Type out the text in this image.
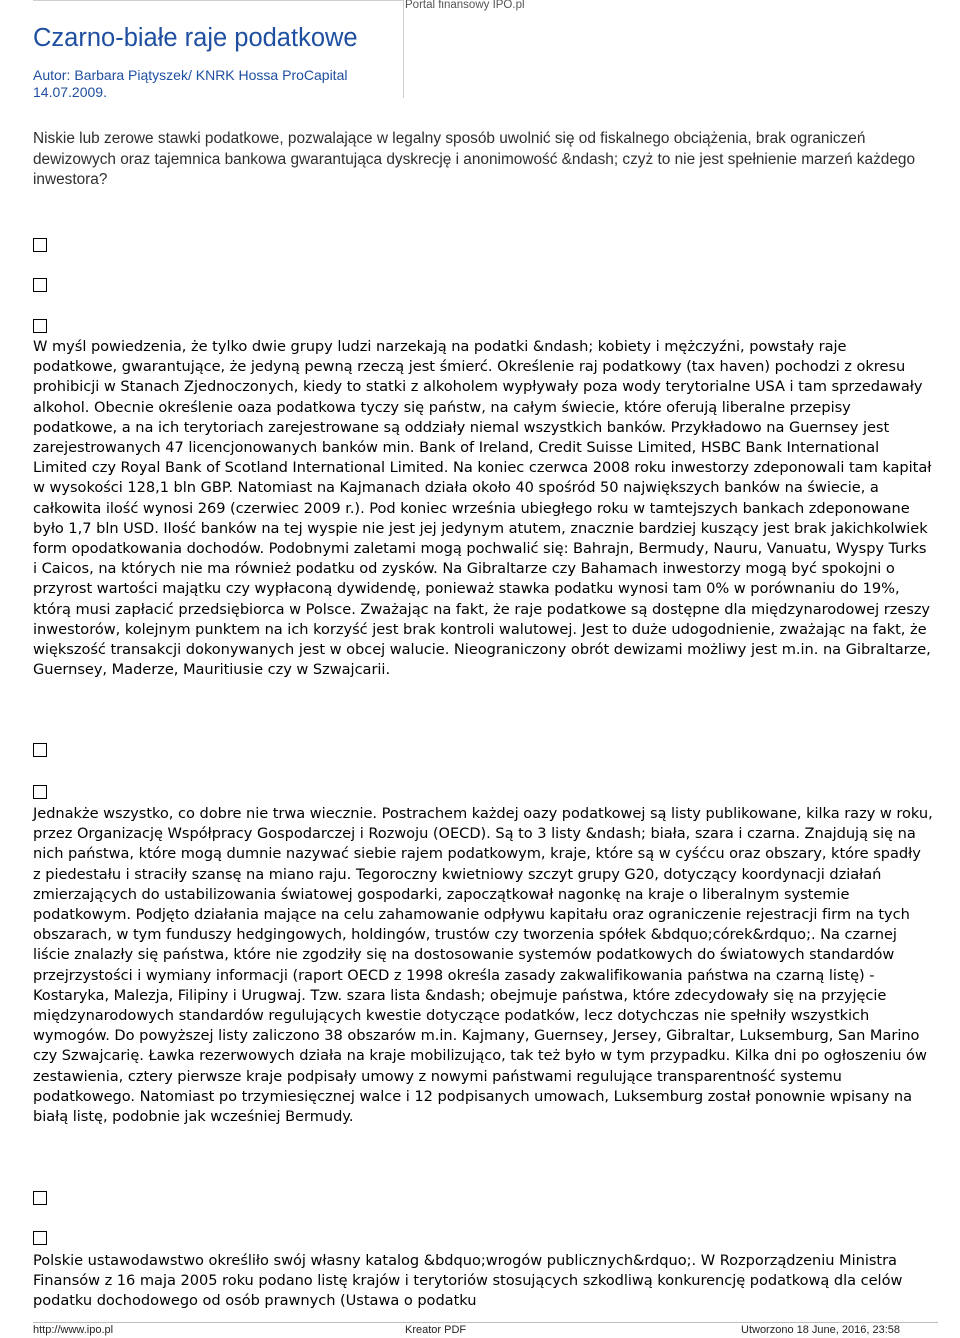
Portal finansowy IPO.pl
Czarno-białe raje podatkowe
Autor: Barbara Piątyszek/ KNRK Hossa ProCapital
14.07.2009.

Niskie lub zerowe stawki podatkowe, pozwalające w legalny sposób uwolnić się od fiskalnego obciążenia, brak ograniczeń dewizowych oraz tajemnica bankowa gwarantująca dyskrecję i anonimowość &ndash; czyż to nie jest spełnienie marzeń każdego inwestora?

W myśl powiedzenia, że tylko dwie grupy ludzi narzekają na podatki &ndash; kobiety i mężczyźni, powstały raje podatkowe, gwarantujące, że jedyną pewną rzeczą jest śmierć. Określenie raj podatkowy (tax haven) pochodzi z okresu prohibicji w Stanach Zjednoczonych, kiedy to statki z alkoholem wypływały poza wody terytorialne USA i tam sprzedawały alkohol. Obecnie określenie oaza podatkowa tyczy się państw, na całym świecie, które oferują liberalne przepisy podatkowe, a na ich terytoriach zarejestrowane są oddziały niemal wszystkich banków. Przykładowo na Guernsey jest zarejestrowanych 47 licencjonowanych banków min. Bank of Ireland, Credit Suisse Limited, HSBC Bank International Limited czy Royal Bank of Scotland International Limited. Na koniec czerwca 2008 roku inwestorzy zdeponowali tam kapitał w wysokości 128,1 bln GBP. Natomiast na Kajmanach działa około 40 spośród 50 największych banków na świecie, a całkowita ilość wynosi 269 (czerwiec 2009 r.). Pod koniec września ubiegłego roku w tamtejszych bankach zdeponowane było 1,7 bln USD. Ilość banków na tej wyspie nie jest jej jedynym atutem, znacznie bardziej kuszący jest brak jakichkolwiek form opodatkowania dochodów. Podobnymi zaletami mogą pochwalić się: Bahrajn, Bermudy, Nauru, Vanuatu, Wyspy Turks i Caicos, na których nie ma również podatku od zysków. Na Gibraltarze czy Bahamach inwestorzy mogą być spokojni o przyrost wartości majątku czy wypłaconą dywidendę, ponieważ stawka podatku wynosi tam 0% w porównaniu do 19%, którą musi zapłacić przedsiębiorca w Polsce. Zważając na fakt, że raje podatkowe są dostępne dla międzynarodowej rzeszy inwestorów, kolejnym punktem na ich korzyść jest brak kontroli walutowej. Jest to duże udogodnienie, zważając na fakt, że większość transakcji dokonywanych jest w obcej walucie. Nieograniczony obrót dewizami możliwy jest m.in. na Gibraltarze, Guernsey, Maderze, Mauritiusie czy w Szwajcarii.

Jednakże wszystko, co dobre nie trwa wiecznie. Postrachem każdej oazy podatkowej są listy publikowane, kilka razy w roku, przez Organizację Współpracy Gospodarczej i Rozwoju (OECD). Są to 3 listy &ndash; biała, szara i czarna. Znajdują się na nich państwa, które mogą dumnie nazywać siebie rajem podatkowym, kraje, które są w cyśćcu oraz obszary, które spadły z piedestału i straciły szansę na miano raju. Tegoroczny kwietniowy szczyt grupy G20, dotyczący koordynacji działań zmierzających do ustabilizowania światowej gospodarki, zapoczątkował nagonkę na kraje o liberalnym systemie podatkowym. Podjęto działania mające na celu zahamowanie odpływu kapitału oraz ograniczenie rejestracji firm na tych obszarach, w tym funduszy hedgingowych, holdingów, trustów czy tworzenia spółek &bdquo;córek&rdquo;. Na czarnej liście znalazły się państwa, które nie zgodziły się na dostosowanie systemów podatkowych do światowych standardów przejrzystości i wymiany informacji (raport OECD z 1998 określa zasady zakwalifikowania państwa na czarną listę) - Kostaryka, Malezja, Filipiny i Urugwaj. Tzw. szara lista &ndash; obejmuje państwa, które zdecydowały się na przyjęcie międzynarodowych standardów regulujących kwestie dotyczące podatków, lecz dotychczas nie spełniły wszystkich wymogów. Do powyższej listy zaliczono 38 obszarów m.in. Kajmany, Guernsey, Jersey, Gibraltar, Luksemburg, San Marino czy Szwajcarię. Ławka rezerwowych działa na kraje mobilizująco, tak też było w tym przypadku. Kilka dni po ogłoszeniu ów zestawienia, cztery pierwsze kraje podpisały umowy z nowymi państwami regulujące transparentność systemu podatkowego. Natomiast po trzymiesięcznej walce i 12 podpisanych umowach, Luksemburg został ponownie wpisany na białą listę, podobnie jak wcześniej Bermudy.

Polskie ustawodawstwo określiło swój własny katalog &bdquo;wrogów publicznych&rdquo;. W Rozporządzeniu Ministra Finansów z 16 maja 2005 roku podano listę krajów i terytoriów stosujących szkodliwą konkurencję podatkową dla celów podatku dochodowego od osób prawnych (Ustawa o podatku

http://www.ipo.pl	Kreator PDF	Utworzono 18 June, 2016, 23:58
